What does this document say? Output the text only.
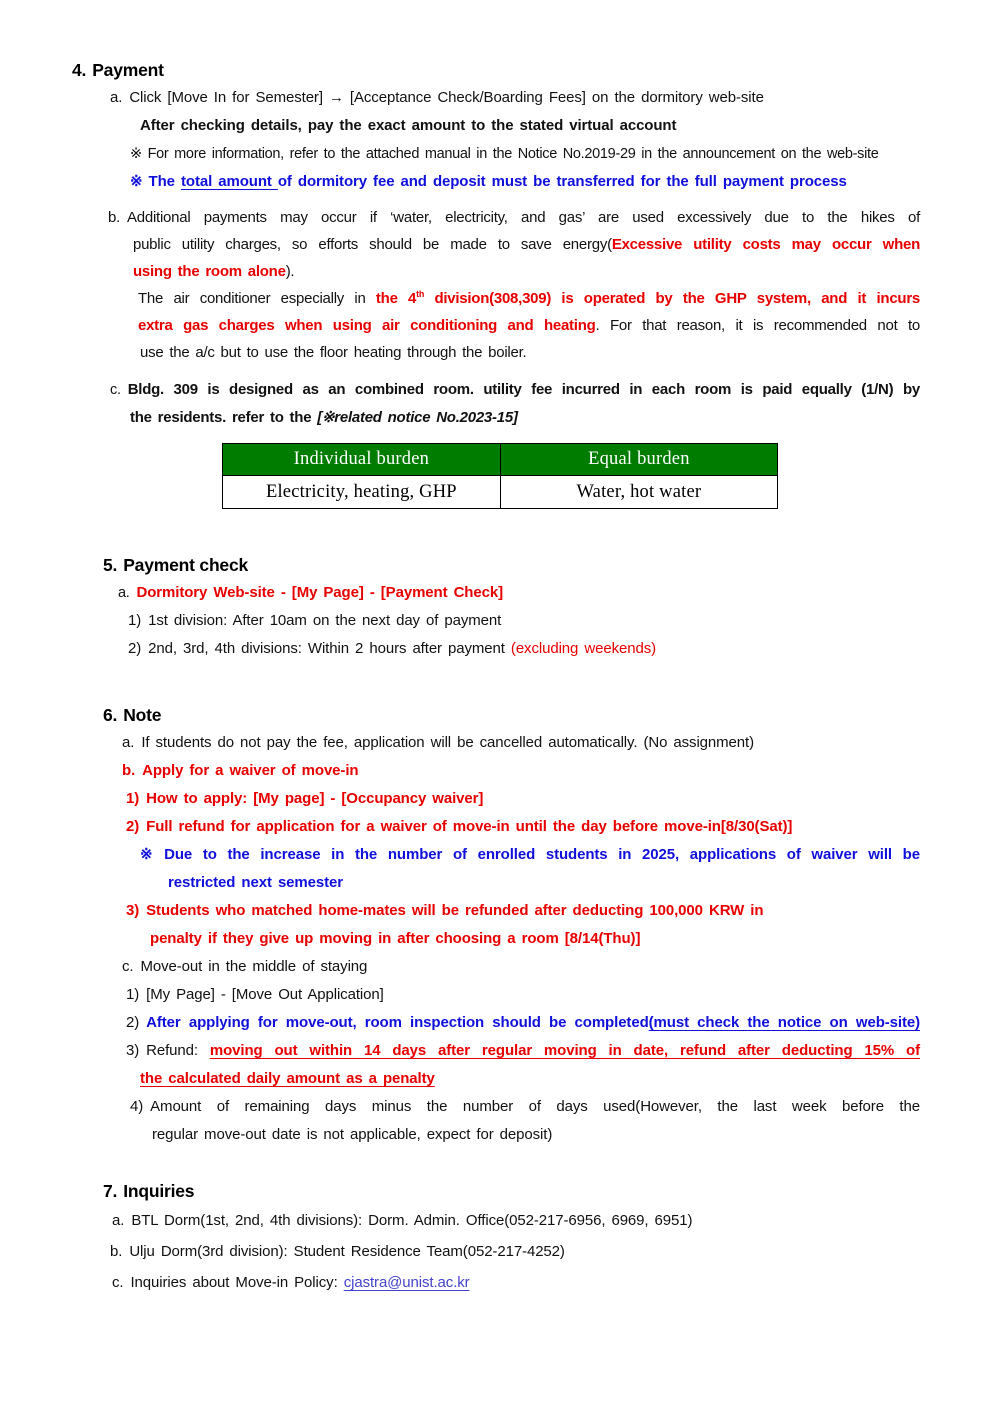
4. Payment
a. Click [Move In for Semester] → [Acceptance Check/Boarding Fees] on the dormitory web-site
After checking details, pay the exact amount to the stated virtual account
※ For more information, refer to the attached manual in the Notice No.2019-29 in the announcement on the web-site
※ The total amount of dormitory fee and deposit must be transferred for the full payment process
b. Additional payments may occur if ‘water, electricity, and gas’ are used excessively due to the hikes of
public utility charges, so efforts should be made to save energy(Excessive utility costs may occur when
using the room alone).
The air conditioner especially in the 4th division(308,309) is operated by the GHP system, and it incurs
extra gas charges when using air conditioning and heating. For that reason, it is recommended not to
use the a/c but to use the floor heating through the boiler.
c. Bldg. 309 is designed as an combined room. utility fee incurred in each room is paid equally (1/N) by
the residents. refer to the [※related notice No.2023-15]
Individual burden	Equal burden
Electricity, heating, GHP	Water, hot water
5. Payment check
a. Dormitory Web-site - [My Page] - [Payment Check]
1) 1st division: After 10am on the next day of payment
2) 2nd, 3rd, 4th divisions: Within 2 hours after payment (excluding weekends)
6. Note
a. If students do not pay the fee, application will be cancelled automatically. (No assignment)
b. Apply for a waiver of move-in
1) How to apply: [My page] - [Occupancy waiver]
2) Full refund for application for a waiver of move-in until the day before move-in[8/30(Sat)]
※ Due to the increase in the number of enrolled students in 2025, applications of waiver will be
restricted next semester
3) Students who matched home-mates will be refunded after deducting 100,000 KRW in
penalty if they give up moving in after choosing a room [8/14(Thu)]
c. Move-out in the middle of staying
1) [My Page] - [Move Out Application]
2) After applying for move-out, room inspection should be completed(must check the notice on web-site)
3) Refund: moving out within 14 days after regular moving in date, refund after deducting 15% of
the calculated daily amount as a penalty
4) Amount of remaining days minus the number of days used(However, the last week before the
regular move-out date is not applicable, expect for deposit)
7. Inquiries
a. BTL Dorm(1st, 2nd, 4th divisions): Dorm. Admin. Office(052-217-6956, 6969, 6951)
b. Ulju Dorm(3rd division): Student Residence Team(052-217-4252)
c. Inquiries about Move-in Policy: cjastra@unist.ac.kr
